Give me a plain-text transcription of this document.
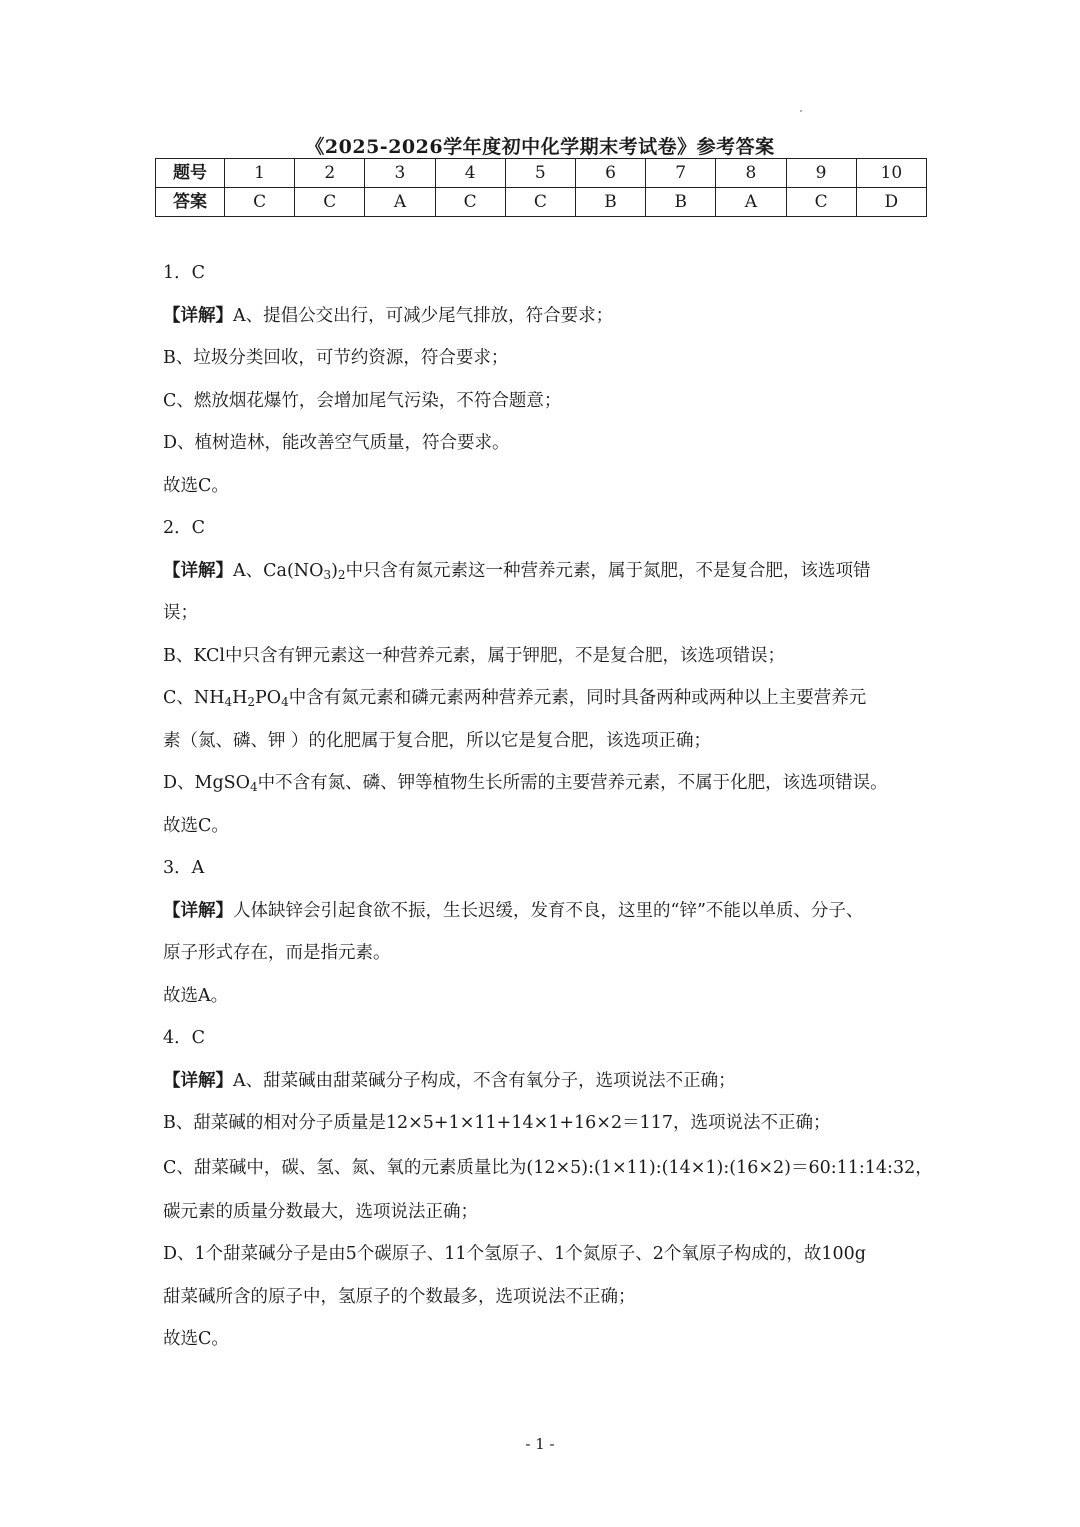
《2025-2026学年度初中化学期末考试卷》参考答案
题号	1	2	3	4	5	6	7	8	9	10
答案	C	C	A	C	C	B	B	A	C	D
1．C
【详解】A、提倡公交出行，可减少尾气排放，符合要求；
B、垃圾分类回收，可节约资源，符合要求；
C、燃放烟花爆竹，会增加尾气污染，不符合题意；
D、植树造林，能改善空气质量，符合要求。
故选C。
2．C
【详解】A、$Ca(NO_3)_2$中只含有氮元素这一种营养元素，属于氮肥，不是复合肥，该选项错
误；
B、KCl中只含有钾元素这一种营养元素，属于钾肥，不是复合肥，该选项错误；
C、$NH_4H_2PO_4$中含有氮元素和磷元素两种营养元素，同时具备两种或两种以上主要营养元
素（氮、磷、钾 ）的化肥属于复合肥，所以它是复合肥，该选项正确；
D、MgSO$_4$中不含有氮、磷、钾等植物生长所需的主要营养元素，不属于化肥，该选项错误。
故选C。
3．A
【详解】人体缺锌会引起食欲不振，生长迟缓，发育不良，这里的“锌”不能以单质、分子、
原子形式存在，而是指元素。
故选A。
4．C
【详解】A、甜菜碱由甜菜碱分子构成，不含有氧分子，选项说法不正确；
B、甜菜碱的相对分子质量是12×5+1×11+14×1+16×2＝117，选项说法不正确；
C、甜菜碱中，碳、氢、氮、氧的元素质量比为(12×5):(1×11):(14×1):(16×2)＝60:11:14:32，
碳元素的质量分数最大，选项说法正确；
D、1个甜菜碱分子是由5个碳原子、11个氢原子、1个氮原子、2个氧原子构成的，故100g
甜菜碱所含的原子中，氢原子的个数最多，选项说法不正确；
故选C。
- 1 -
